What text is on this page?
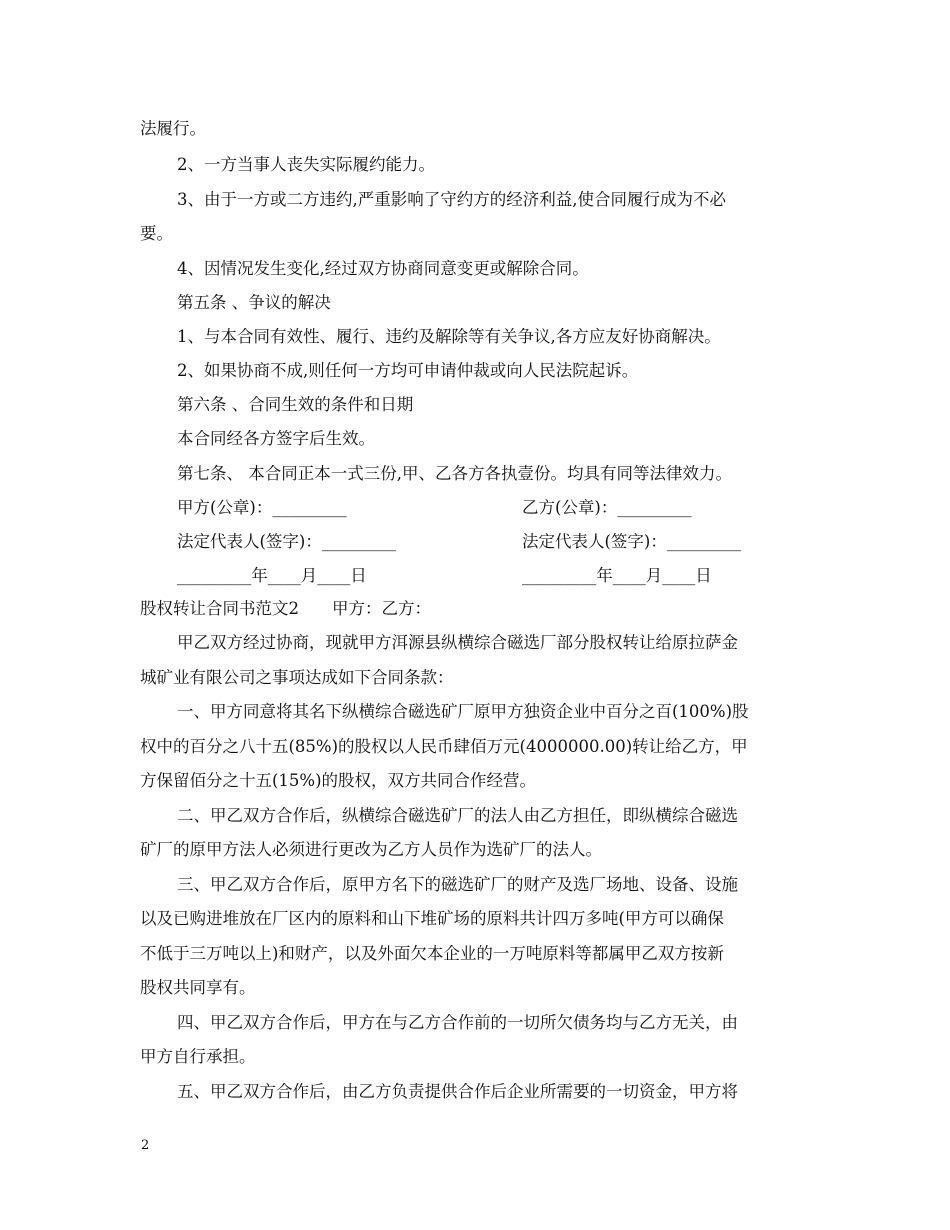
法履行。
2、一方当事人丧失实际履约能力。
3、由于一方或二方违约,严重影响了守约方的经济利益,使合同履行成为不必
要。
4、因情况发生变化,经过双方协商同意变更或解除合同。
第五条 、争议的解决
1、与本合同有效性、履行、违约及解除等有关争议,各方应友好协商解决。
2、如果协商不成,则任何一方均可申请仲裁或向人民法院起诉。
第六条 、合同生效的条件和日期
本合同经各方签字后生效。
第七条、 本合同正本一式三份,甲、乙各方各执壹份。均具有同等法律效力。
甲方(公章)：_________	乙方(公章)：_________
法定代表人(签字)：_________	法定代表人(签字)：_________
_________年____月____日	_________年____月____日
股权转让合同书范文2　　甲方：乙方：
甲乙双方经过协商，现就甲方洱源县纵横综合磁选厂部分股权转让给原拉萨金
城矿业有限公司之事项达成如下合同条款：
一、甲方同意将其名下纵横综合磁选矿厂原甲方独资企业中百分之百(100%)股
权中的百分之八十五(85%)的股权以人民币肆佰万元(4000000.00)转让给乙方，甲
方保留佰分之十五(15%)的股权，双方共同合作经营。
二、甲乙双方合作后，纵横综合磁选矿厂的法人由乙方担任，即纵横综合磁选
矿厂的原甲方法人必须进行更改为乙方人员作为选矿厂的法人。
三、甲乙双方合作后，原甲方名下的磁选矿厂的财产及选厂场地、设备、设施
以及已购进堆放在厂区内的原料和山下堆矿场的原料共计四万多吨(甲方可以确保
不低于三万吨以上)和财产，以及外面欠本企业的一万吨原料等都属甲乙双方按新
股权共同享有。
四、甲乙双方合作后，甲方在与乙方合作前的一切所欠债务均与乙方无关，由
甲方自行承担。
五、甲乙双方合作后，由乙方负责提供合作后企业所需要的一切资金，甲方将
2
